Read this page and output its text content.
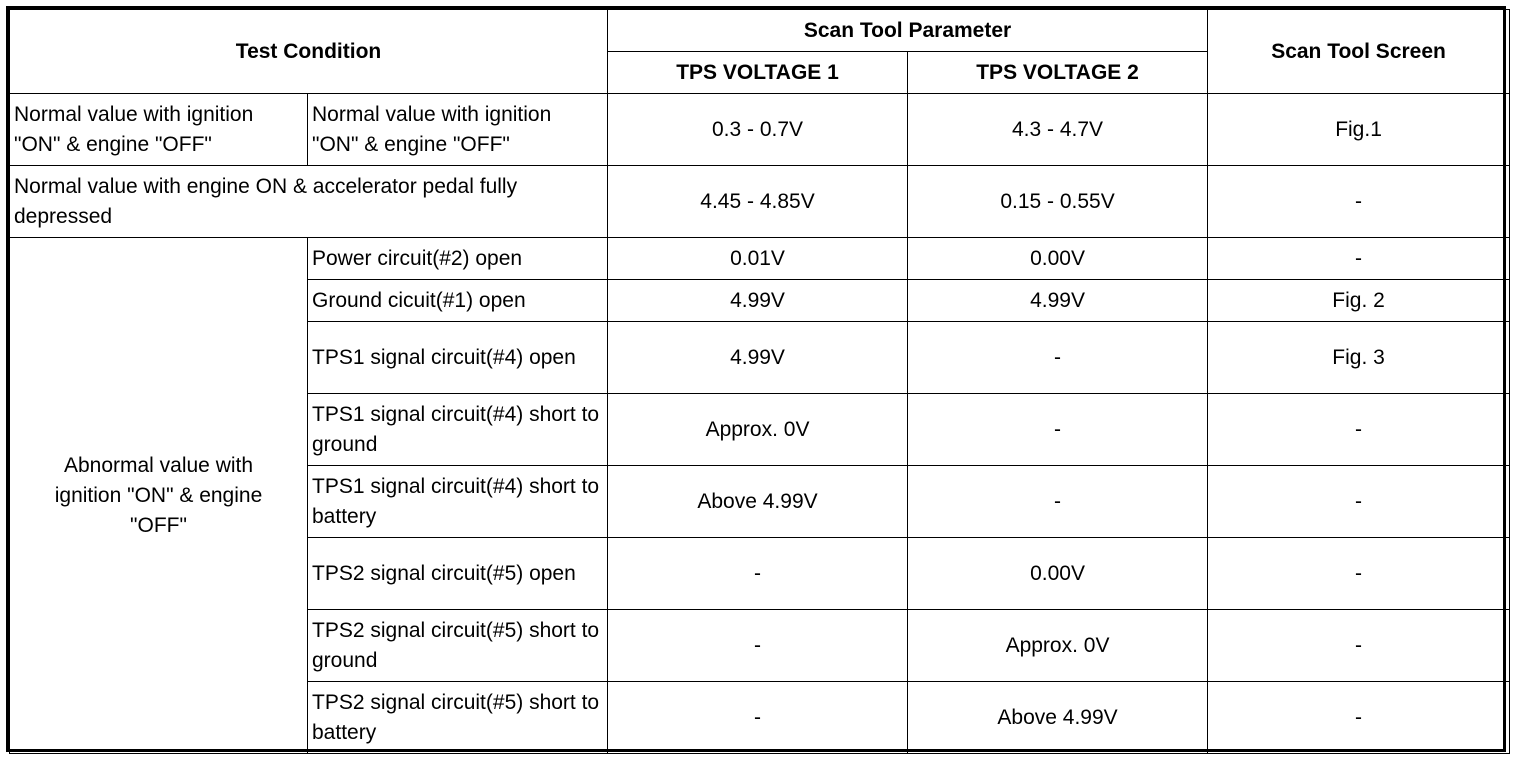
Test Condition		Scan Tool Parameter		Scan Tool Screen
		TPS VOLTAGE 1	TPS VOLTAGE 2	
Normal value with ignition "ON" & engine "OFF"	Normal value with ignition "ON" & engine "OFF"	0.3 - 0.7V	4.3 - 4.7V	Fig.1
Normal value with engine ON & accelerator pedal fully depressed		4.45 - 4.85V	0.15 - 0.55V	-
Abnormal value with ignition "ON" & engine "OFF"	Power circuit(#2) open	0.01V	0.00V	-
	Ground cicuit(#1) open	4.99V	4.99V	Fig. 2
	TPS1 signal circuit(#4) open	4.99V	-	Fig. 3
	TPS1 signal circuit(#4) short to ground	Approx. 0V	-	-
	TPS1 signal circuit(#4) short to battery	Above 4.99V	-	-
	TPS2 signal circuit(#5) open	-	0.00V	-
	TPS2 signal circuit(#5) short to ground	-	Approx. 0V	-
	TPS2 signal circuit(#5) short to battery	-	Above 4.99V	-
